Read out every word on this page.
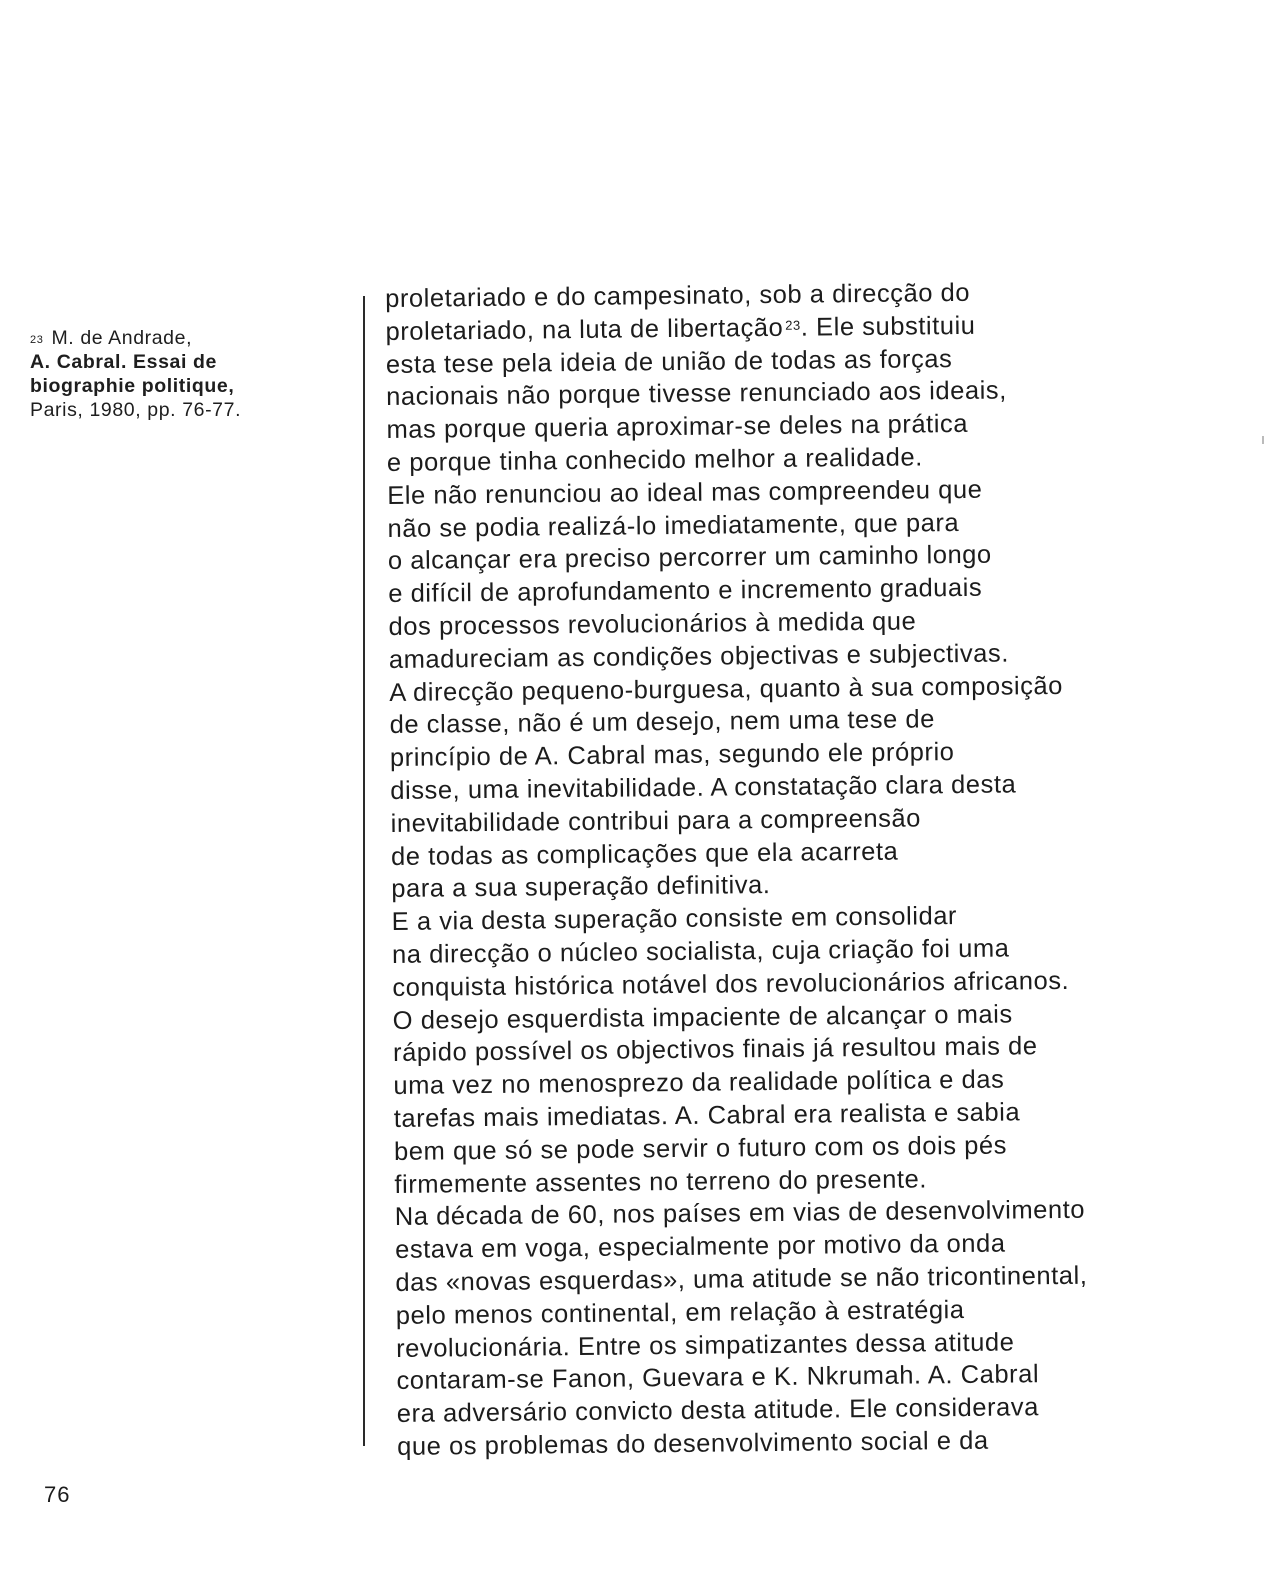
$^{23}$ M. de Andrade,
A. Cabral. Essai de
biographie politique,
Paris, 1980, pp. 76-77.
proletariado e do campesinato, sob a direcção do
proletariado, na luta de libertação $^{23}$. Ele substituiu
esta tese pela ideia de união de todas as forças
nacionais não porque tivesse renunciado aos ideais,
mas porque queria aproximar-se deles na prática
e porque tinha conhecido melhor a realidade.
Ele não renunciou ao ideal mas compreendeu que
não se podia realizá-lo imediatamente, que para
o alcançar era preciso percorrer um caminho longo
e difícil de aprofundamento e incremento graduais
dos processos revolucionários à medida que
amadureciam as condições objectivas e subjectivas.
A direcção pequeno-burguesa, quanto à sua composição
de classe, não é um desejo, nem uma tese de
princípio de A. Cabral mas, segundo ele próprio
disse, uma inevitabilidade. A constatação clara desta
inevitabilidade contribui para a compreensão
de todas as complicações que ela acarreta
para a sua superação definitiva.
E a via desta superação consiste em consolidar
na direcção o núcleo socialista, cuja criação foi uma
conquista histórica notável dos revolucionários africanos.
O desejo esquerdista impaciente de alcançar o mais
rápido possível os objectivos finais já resultou mais de
uma vez no menosprezo da realidade política e das
tarefas mais imediatas. A. Cabral era realista e sabia
bem que só se pode servir o futuro com os dois pés
firmemente assentes no terreno do presente.
Na década de 60, nos países em vias de desenvolvimento
estava em voga, especialmente por motivo da onda
das «novas esquerdas», uma atitude se não tricontinental,
pelo menos continental, em relação à estratégia
revolucionária. Entre os simpatizantes dessa atitude
contaram-se Fanon, Guevara e K. Nkrumah. A. Cabral
era adversário convicto desta atitude. Ele considerava
que os problemas do desenvolvimento social e da
76
